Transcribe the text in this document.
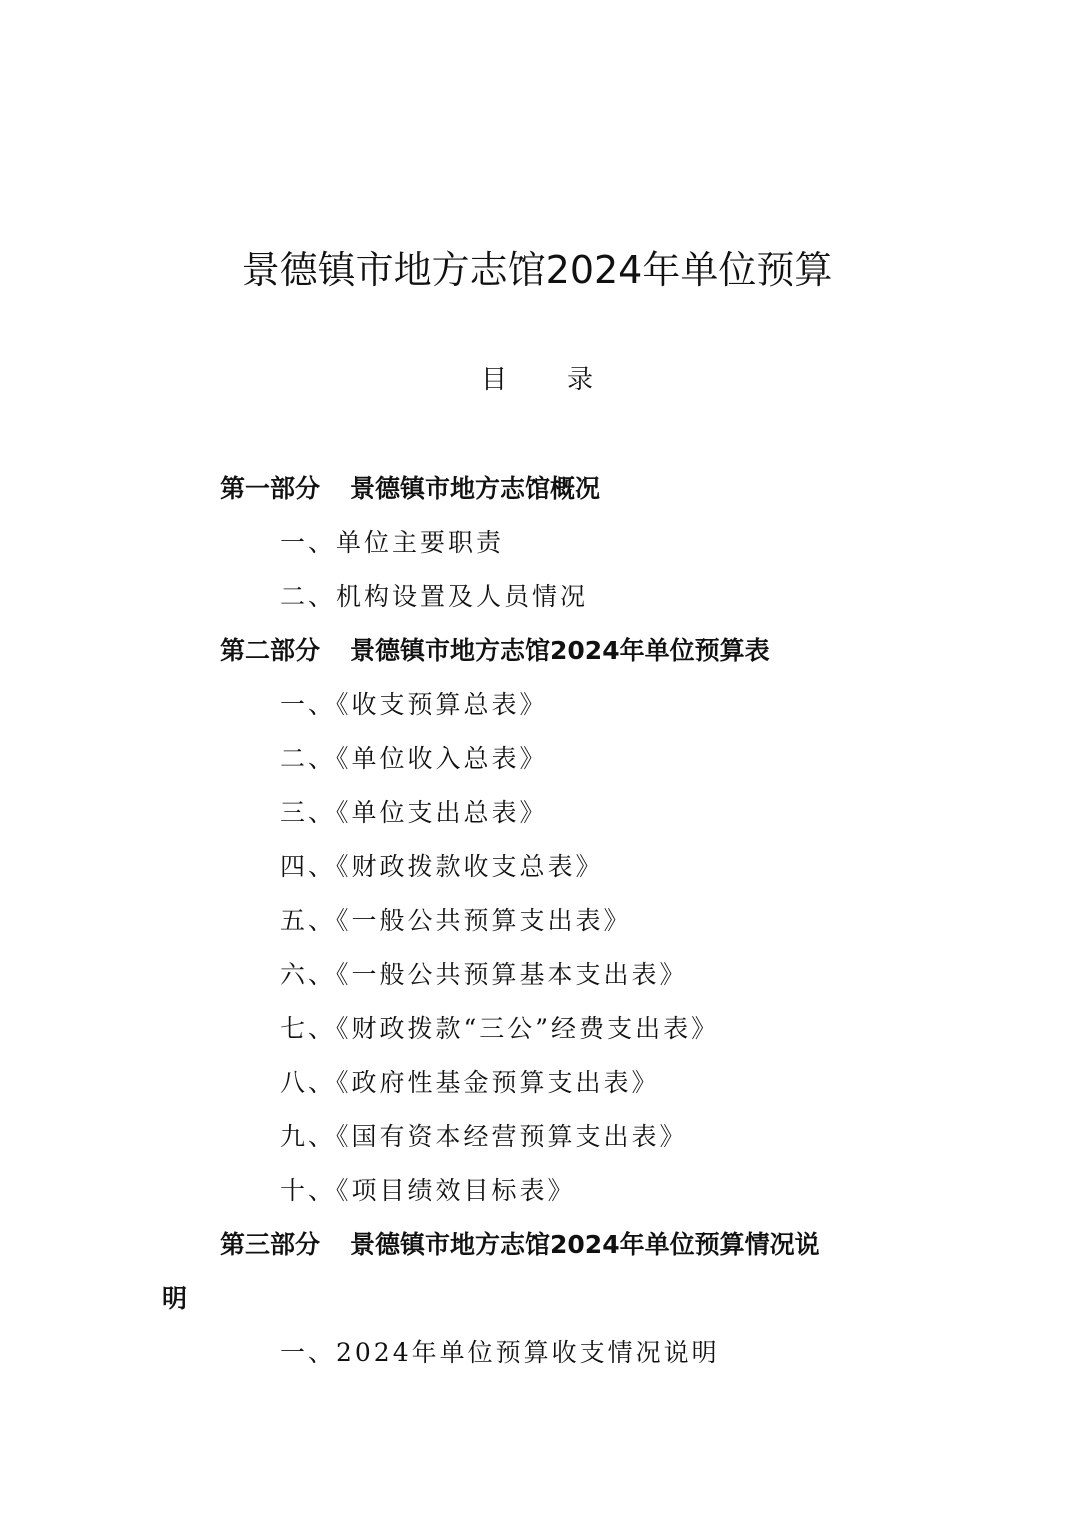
景德镇市地方志馆2024年单位预算
目录
第一部分 景德镇市地方志馆概况
一、单位主要职责
二、机构设置及人员情况
第二部分 景德镇市地方志馆2024年单位预算表
一、《收支预算总表》
二、《单位收入总表》
三、《单位支出总表》
四、《财政拨款收支总表》
五、《一般公共预算支出表》
六、《一般公共预算基本支出表》
七、《财政拨款“三公”经费支出表》
八、《政府性基金预算支出表》
九、《国有资本经营预算支出表》
十、《项目绩效目标表》
第三部分 景德镇市地方志馆2024年单位预算情况说
明
一、2024年单位预算收支情况说明
